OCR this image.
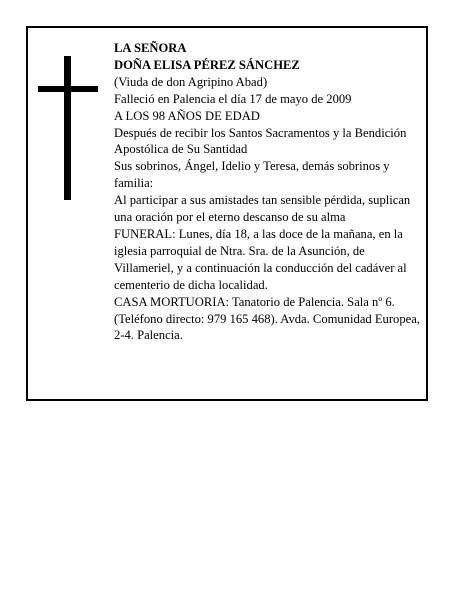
LA SEÑORA

DOÑA ELISA PÉREZ SÁNCHEZ

(Viuda de don Agripino Abad)

Falleció en Palencia el día 17 de mayo de 2009

A LOS 98 AÑOS DE EDAD

Después de recibir los Santos Sacramentos y la Bendición Apostólica de Su Santidad

Sus sobrinos, Ángel, Idelio y Teresa, demás sobrinos y familia:

Al participar a sus amistades tan sensible pérdida, suplican una oración por el eterno descanso de su alma

FUNERAL: Lunes, día 18, a las doce de la mañana, en la iglesia parroquial de Ntra. Sra. de la Asunción, de Villameriel, y a continuación la conducción del cadáver al cementerio de dicha localidad.

CASA MORTUORIA: Tanatorio de Palencia. Sala nº 6. (Teléfono directo: 979 165 468). Avda. Comunidad Europea, 2-4. Palencia.
